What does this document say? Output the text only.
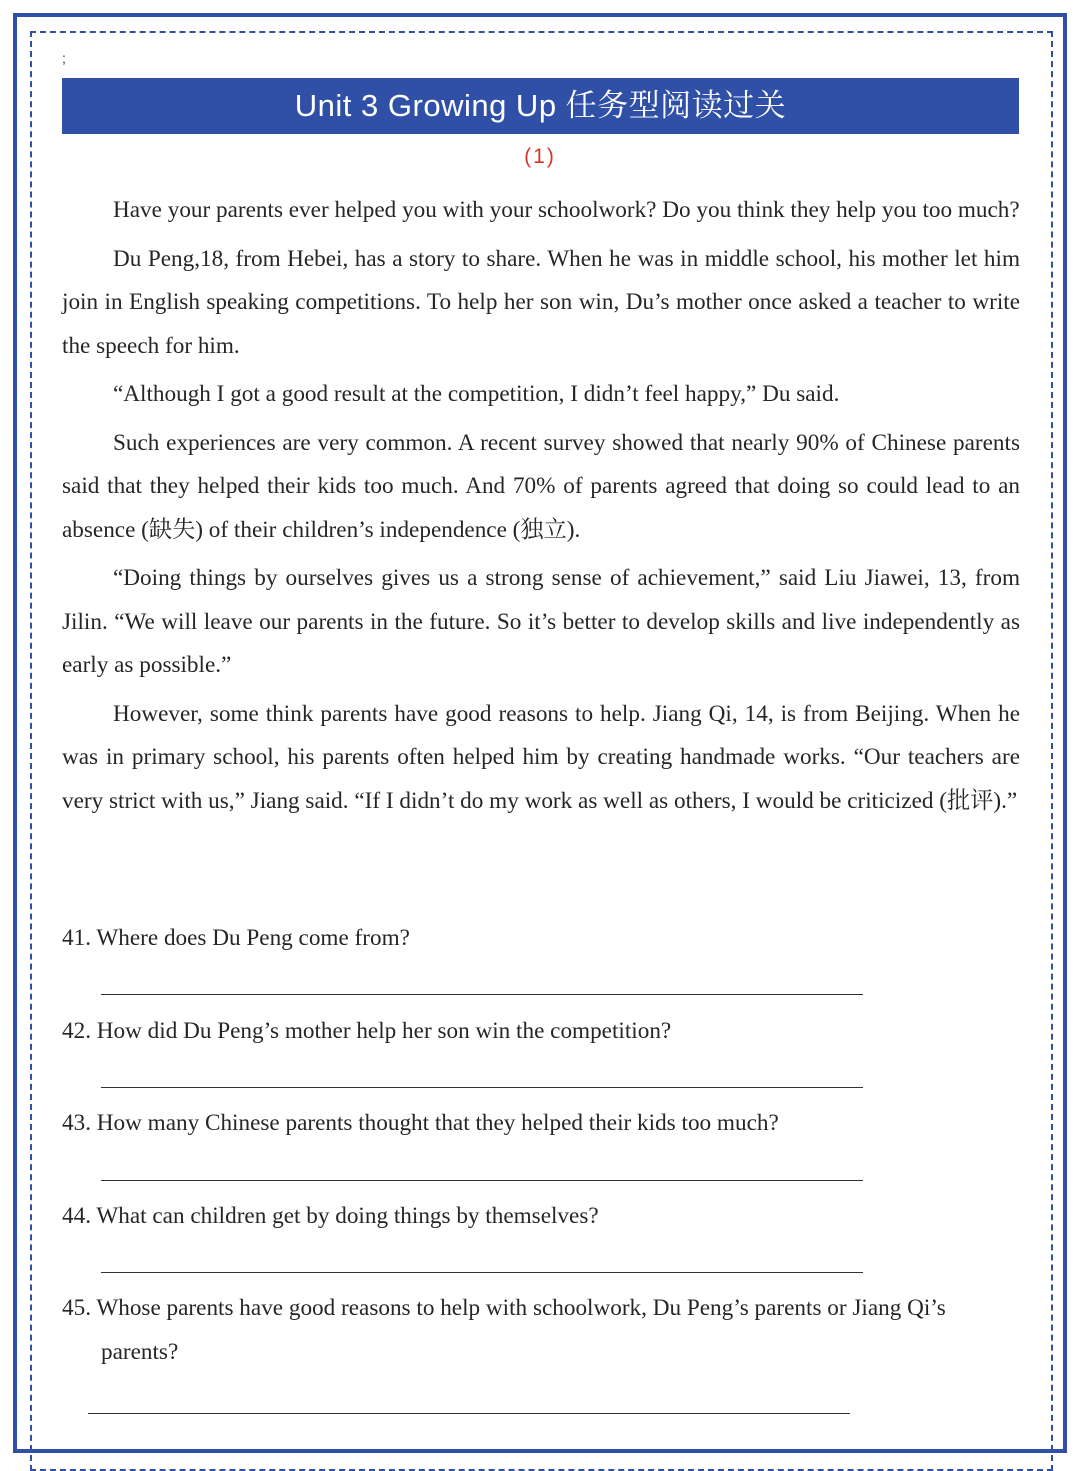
;
Unit 3 Growing Up 任务型阅读过关
(1)

Have your parents ever helped you with your schoolwork? Do you think they help you too much?

Du Peng,18, from Hebei, has a story to share. When he was in middle school, his mother let him join in English speaking competitions. To help her son win, Du’s mother once asked a teacher to write the speech for him.

“Although I got a good result at the competition, I didn’t feel happy,” Du said.

Such experiences are very common. A recent survey showed that nearly 90% of Chinese parents said that they helped their kids too much. And 70% of parents agreed that doing so could lead to an absence (缺失) of their children’s independence (独立).

“Doing things by ourselves gives us a strong sense of achievement,” said Liu Jiawei, 13, from Jilin. “We will leave our parents in the future. So it’s better to develop skills and live independently as early as possible.”

However, some think parents have good reasons to help. Jiang Qi, 14, is from Beijing. When he was in primary school, his parents often helped him by creating handmade works. “Our teachers are very strict with us,” Jiang said. “If I didn’t do my work as well as others, I would be criticized (批评).”

41. Where does Du Peng come from?
42. How did Du Peng’s mother help her son win the competition?
43. How many Chinese parents thought that they helped their kids too much?
44. What can children get by doing things by themselves?
45. Whose parents have good reasons to help with schoolwork, Du Peng’s parents or Jiang Qi’s parents?
